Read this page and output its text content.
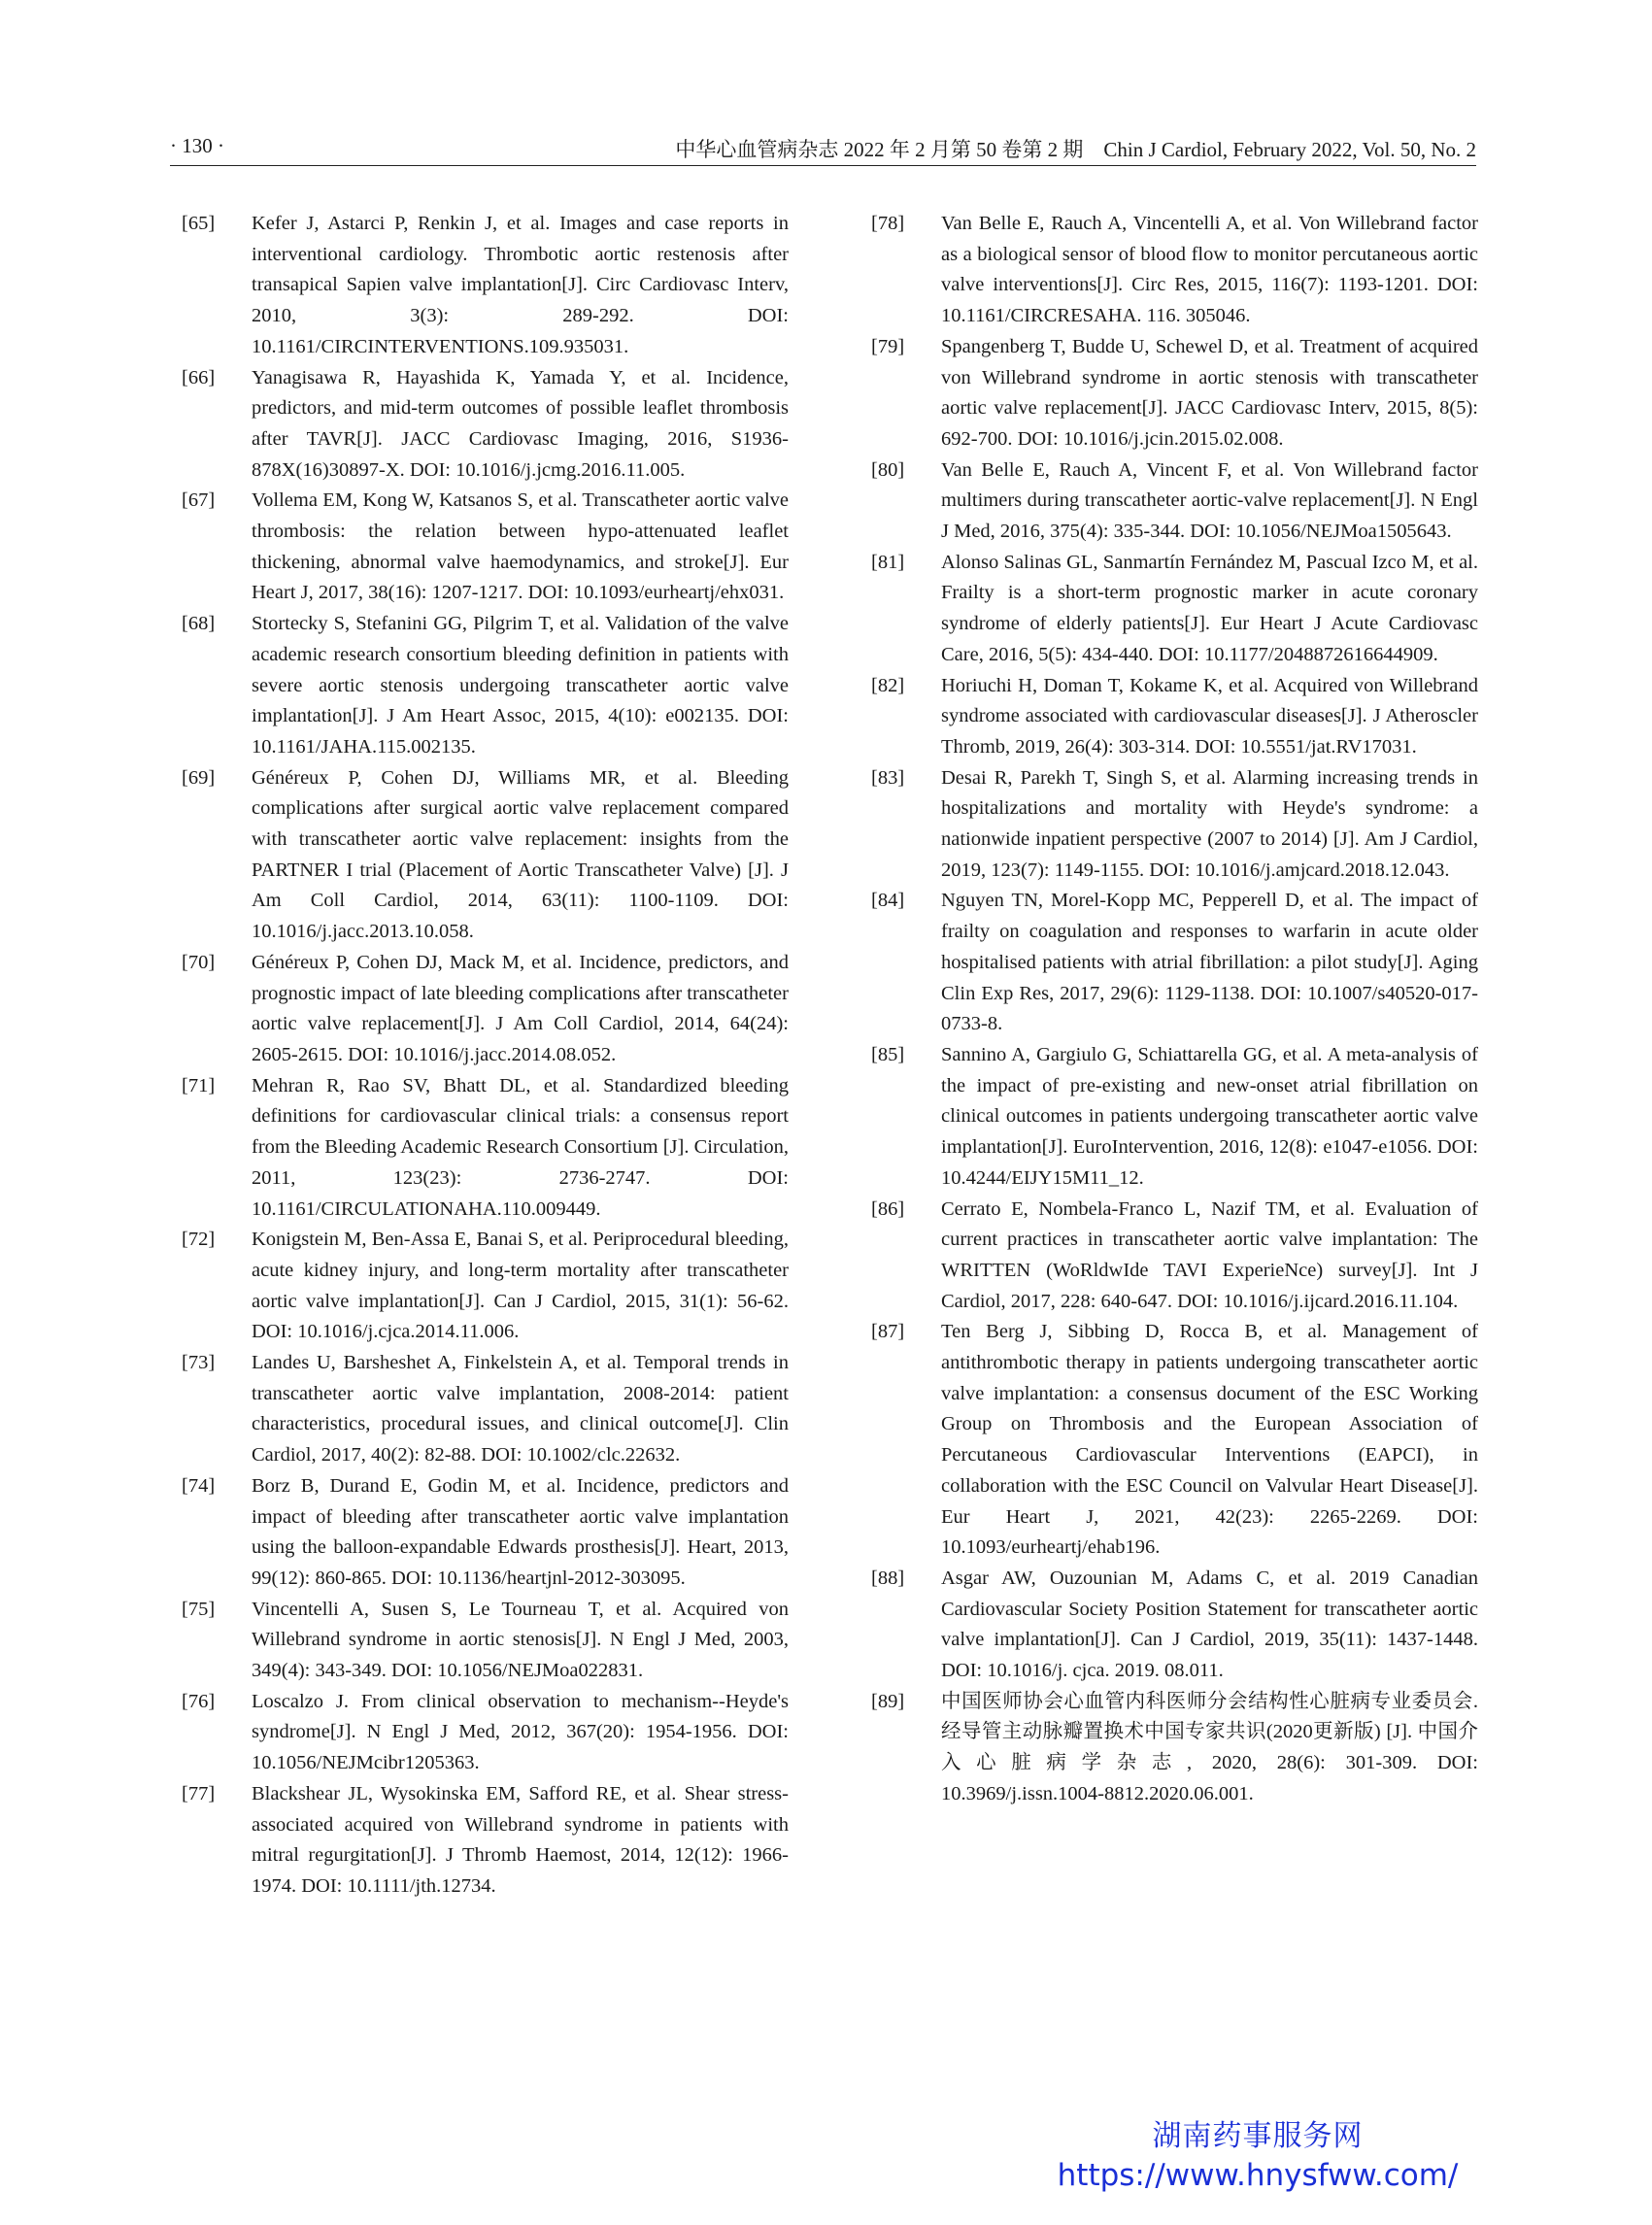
· 130 ·	中华心血管病杂志 2022 年 2 月第 50 卷第 2 期　Chin J Cardiol, February 2022, Vol. 50, No. 2
[65] Kefer J, Astarci P, Renkin J, et al. Images and case reports in interventional cardiology. Thrombotic aortic restenosis after transapical Sapien valve implantation[J]. Circ Cardiovasc Interv, 2010, 3(3): 289-292. DOI: 10.1161/CIRCINTERVENTIONS.109.935031.
[66] Yanagisawa R, Hayashida K, Yamada Y, et al. Incidence, predictors, and mid-term outcomes of possible leaflet thrombosis after TAVR[J]. JACC Cardiovasc Imaging, 2016, S1936-878X(16)30897-X. DOI: 10.1016/j.jcmg.2016.11.005.
[67] Vollema EM, Kong W, Katsanos S, et al. Transcatheter aortic valve thrombosis: the relation between hypo-attenuated leaflet thickening, abnormal valve haemodynamics, and stroke[J]. Eur Heart J, 2017, 38(16): 1207-1217. DOI: 10.1093/eurheartj/ehx031.
[68] Stortecky S, Stefanini GG, Pilgrim T, et al. Validation of the valve academic research consortium bleeding definition in patients with severe aortic stenosis undergoing transcatheter aortic valve implantation[J]. J Am Heart Assoc, 2015, 4(10): e002135. DOI: 10.1161/JAHA.115.002135.
[69] Généreux P, Cohen DJ, Williams MR, et al. Bleeding complications after surgical aortic valve replacement compared with transcatheter aortic valve replacement: insights from the PARTNER I trial (Placement of Aortic Transcatheter Valve) [J]. J Am Coll Cardiol, 2014, 63(11): 1100-1109. DOI: 10.1016/j.jacc.2013.10.058.
[70] Généreux P, Cohen DJ, Mack M, et al. Incidence, predictors, and prognostic impact of late bleeding complications after transcatheter aortic valve replacement[J]. J Am Coll Cardiol, 2014, 64(24): 2605-2615. DOI: 10.1016/j.jacc.2014.08.052.
[71] Mehran R, Rao SV, Bhatt DL, et al. Standardized bleeding definitions for cardiovascular clinical trials: a consensus report from the Bleeding Academic Research Consortium [J]. Circulation, 2011, 123(23): 2736-2747. DOI: 10.1161/CIRCULATIONAHA.110.009449.
[72] Konigstein M, Ben-Assa E, Banai S, et al. Periprocedural bleeding, acute kidney injury, and long-term mortality after transcatheter aortic valve implantation[J]. Can J Cardiol, 2015, 31(1): 56-62. DOI: 10.1016/j.cjca.2014.11.006.
[73] Landes U, Barsheshet A, Finkelstein A, et al. Temporal trends in transcatheter aortic valve implantation, 2008-2014: patient characteristics, procedural issues, and clinical outcome[J]. Clin Cardiol, 2017, 40(2): 82-88. DOI: 10.1002/clc.22632.
[74] Borz B, Durand E, Godin M, et al. Incidence, predictors and impact of bleeding after transcatheter aortic valve implantation using the balloon-expandable Edwards prosthesis[J]. Heart, 2013, 99(12): 860-865. DOI: 10.1136/heartjnl-2012-303095.
[75] Vincentelli A, Susen S, Le Tourneau T, et al. Acquired von Willebrand syndrome in aortic stenosis[J]. N Engl J Med, 2003, 349(4): 343-349. DOI: 10.1056/NEJMoa022831.
[76] Loscalzo J. From clinical observation to mechanism--Heyde's syndrome[J]. N Engl J Med, 2012, 367(20): 1954-1956. DOI: 10.1056/NEJMcibr1205363.
[77] Blackshear JL, Wysokinska EM, Safford RE, et al. Shear stress-associated acquired von Willebrand syndrome in patients with mitral regurgitation[J]. J Thromb Haemost, 2014, 12(12): 1966-1974. DOI: 10.1111/jth.12734.
[78] Van Belle E, Rauch A, Vincentelli A, et al. Von Willebrand factor as a biological sensor of blood flow to monitor percutaneous aortic valve interventions[J]. Circ Res, 2015, 116(7): 1193-1201. DOI: 10.1161/CIRCRESAHA. 116. 305046.
[79] Spangenberg T, Budde U, Schewel D, et al. Treatment of acquired von Willebrand syndrome in aortic stenosis with transcatheter aortic valve replacement[J]. JACC Cardiovasc Interv, 2015, 8(5): 692-700. DOI: 10.1016/j.jcin.2015.02.008.
[80] Van Belle E, Rauch A, Vincent F, et al. Von Willebrand factor multimers during transcatheter aortic-valve replacement[J]. N Engl J Med, 2016, 375(4): 335-344. DOI: 10.1056/NEJMoa1505643.
[81] Alonso Salinas GL, Sanmartín Fernández M, Pascual Izco M, et al. Frailty is a short-term prognostic marker in acute coronary syndrome of elderly patients[J]. Eur Heart J Acute Cardiovasc Care, 2016, 5(5): 434-440. DOI: 10.1177/2048872616644909.
[82] Horiuchi H, Doman T, Kokame K, et al. Acquired von Willebrand syndrome associated with cardiovascular diseases[J]. J Atheroscler Thromb, 2019, 26(4): 303-314. DOI: 10.5551/jat.RV17031.
[83] Desai R, Parekh T, Singh S, et al. Alarming increasing trends in hospitalizations and mortality with Heyde's syndrome: a nationwide inpatient perspective (2007 to 2014) [J]. Am J Cardiol, 2019, 123(7): 1149-1155. DOI: 10.1016/j.amjcard.2018.12.043.
[84] Nguyen TN, Morel-Kopp MC, Pepperell D, et al. The impact of frailty on coagulation and responses to warfarin in acute older hospitalised patients with atrial fibrillation: a pilot study[J]. Aging Clin Exp Res, 2017, 29(6): 1129-1138. DOI: 10.1007/s40520-017-0733-8.
[85] Sannino A, Gargiulo G, Schiattarella GG, et al. A meta-analysis of the impact of pre-existing and new-onset atrial fibrillation on clinical outcomes in patients undergoing transcatheter aortic valve implantation[J]. EuroIntervention, 2016, 12(8): e1047-e1056. DOI: 10.4244/EIJY15M11_12.
[86] Cerrato E, Nombela-Franco L, Nazif TM, et al. Evaluation of current practices in transcatheter aortic valve implantation: The WRITTEN (WoRldwIde TAVI ExperieNce) survey[J]. Int J Cardiol, 2017, 228: 640-647. DOI: 10.1016/j.ijcard.2016.11.104.
[87] Ten Berg J, Sibbing D, Rocca B, et al. Management of antithrombotic therapy in patients undergoing transcatheter aortic valve implantation: a consensus document of the ESC Working Group on Thrombosis and the European Association of Percutaneous Cardiovascular Interventions (EAPCI), in collaboration with the ESC Council on Valvular Heart Disease[J]. Eur Heart J, 2021, 42(23): 2265-2269. DOI: 10.1093/eurheartj/ehab196.
[88] Asgar AW, Ouzounian M, Adams C, et al. 2019 Canadian Cardiovascular Society Position Statement for transcatheter aortic valve implantation[J]. Can J Cardiol, 2019, 35(11): 1437-1448. DOI: 10.1016/j. cjca. 2019. 08.011.
[89] 中国医师协会心血管内科医师分会结构性心脏病专业委员会. 经导管主动脉瓣置换术中国专家共识(2020更新版) [J]. 中国介入心脏病学杂志, 2020, 28(6): 301-309. DOI: 10.3969/j.issn.1004-8812.2020.06.001.
湖南药事服务网
https://www.hnysfww.com/
